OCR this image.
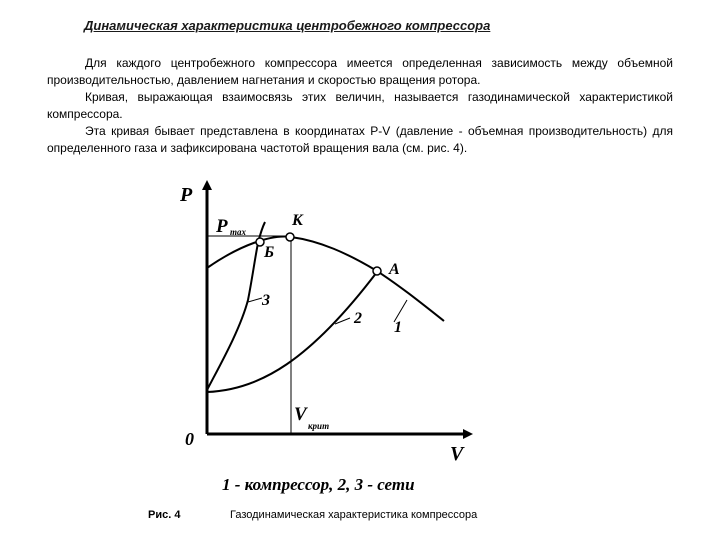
Динамическая характеристика центробежного компрессора

Для каждого центробежного компрессора имеется определенная зависимость между объемной производительностью, давлением нагнетания и скоростью вращения ротора.

Кривая, выражающая взаимосвязь этих величин, называется газодинамической характеристикой компрессора.

Эта кривая бывает представлена в координатах P-V (давление - объемная производительность) для определенного газа и зафиксирована частотой вращения вала (см. рис. 4).

P
V
0
P max
V
крит
К
Б
А
3
2
1
1 - компрессор, 2, 3 - сети
Рис. 4	Газодинамическая характеристика компрессора
